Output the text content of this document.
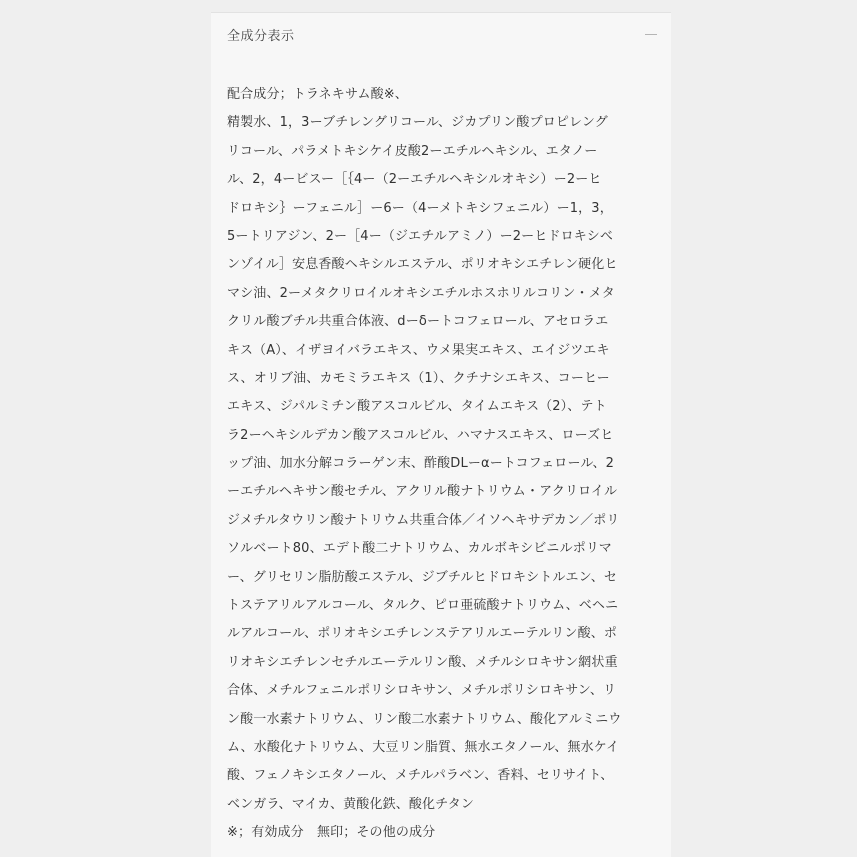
全成分表示
配合成分；トラネキサム酸※、
精製水、1，3ーブチレングリコール、ジカプリン酸プロピレング
リコール、パラメトキシケイ皮酸2ーエチルヘキシル、エタノー
ル、2，4ービスー［｛4ー（2ーエチルヘキシルオキシ）ー2ーヒ
ドロキシ｝ーフェニル］ー6ー（4ーメトキシフェニル）ー1，3，
5ートリアジン、2ー［4ー（ジエチルアミノ）ー2ーヒドロキシベ
ンゾイル］安息香酸ヘキシルエステル、ポリオキシエチレン硬化ヒ
マシ油、2ーメタクリロイルオキシエチルホスホリルコリン・メタ
クリル酸ブチル共重合体液、dーδートコフェロール、アセロラエ
キス（A）、イザヨイバラエキス、ウメ果実エキス、エイジツエキ
ス、オリブ油、カモミラエキス（1）、クチナシエキス、コーヒー
エキス、ジパルミチン酸アスコルビル、タイムエキス（2）、テト
ラ2ーヘキシルデカン酸アスコルビル、ハマナスエキス、ローズヒ
ップ油、加水分解コラーゲン末、酢酸DLーαートコフェロール、2
ーエチルヘキサン酸セチル、アクリル酸ナトリウム・アクリロイル
ジメチルタウリン酸ナトリウム共重合体／イソヘキサデカン／ポリ
ソルベート80、エデト酸二ナトリウム、カルボキシビニルポリマ
ー、グリセリン脂肪酸エステル、ジブチルヒドロキシトルエン、セ
トステアリルアルコール、タルク、ピロ亜硫酸ナトリウム、ベヘニ
ルアルコール、ポリオキシエチレンステアリルエーテルリン酸、ポ
リオキシエチレンセチルエーテルリン酸、メチルシロキサン網状重
合体、メチルフェニルポリシロキサン、メチルポリシロキサン、リ
ン酸一水素ナトリウム、リン酸二水素ナトリウム、酸化アルミニウ
ム、水酸化ナトリウム、大豆リン脂質、無水エタノール、無水ケイ
酸、フェノキシエタノール、メチルパラベン、香料、セリサイト、
ベンガラ、マイカ、黄酸化鉄、酸化チタン
※；有効成分　無印；その他の成分
